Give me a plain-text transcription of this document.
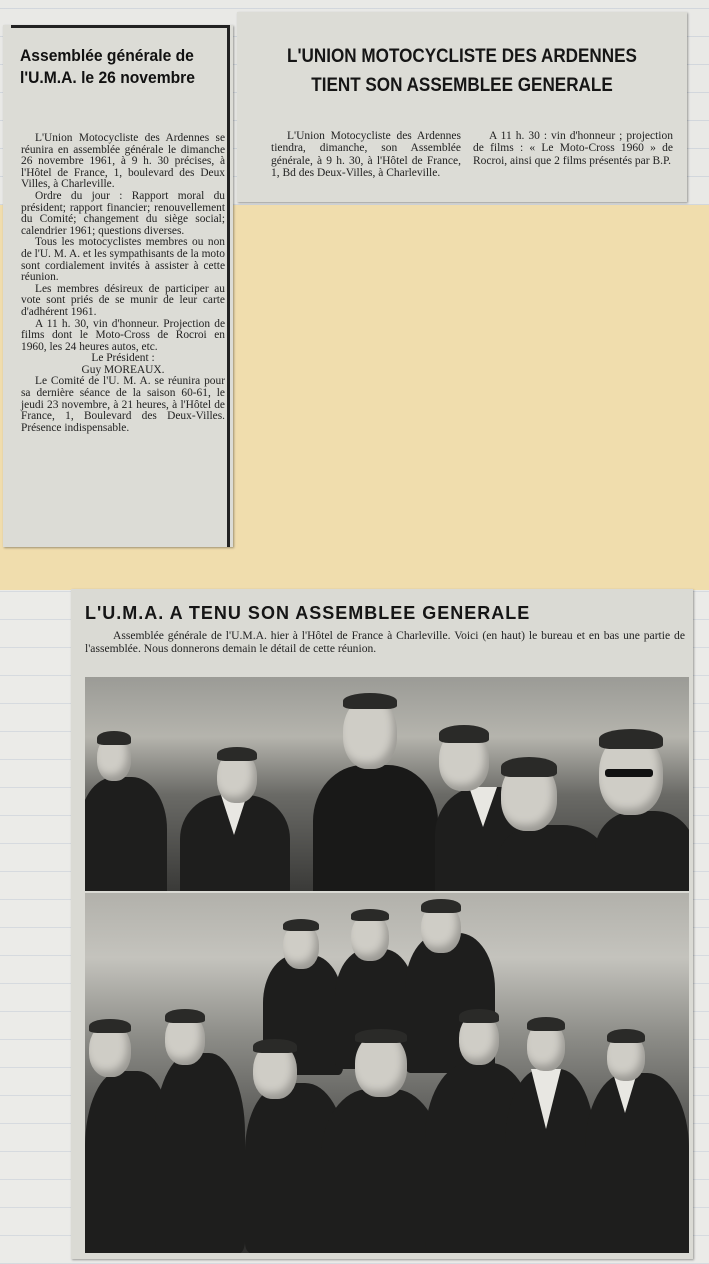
Assemblée générale de l'U.M.A. le 26 novembre

L'Union Motocycliste des Ardennes se réunira en assemblée générale le dimanche 26 novembre 1961, à 9 h. 30 précises, à l'Hôtel de France, 1, boulevard des Deux Villes, à Charleville.

Ordre du jour : Rapport moral du président; rapport financier; renouvellement du Comité; changement du siège social; calendrier 1961; questions diverses.

Tous les motocyclistes membres ou non de l'U. M. A. et les sympathisants de la moto sont cordialement invités à assister à cette réunion.

Les membres désireux de participer au vote sont priés de se munir de leur carte d'adhérent 1961.

A 11 h. 30, vin d'honneur. Projection de films dont le Moto-Cross de Rocroi en 1960, les 24 heures autos, etc.

Le Président :

Guy MOREAUX.

Le Comité de l'U. M. A. se réunira pour sa dernière séance de la saison 60-61, le jeudi 23 novembre, à 21 heures, à l'Hôtel de France, 1, Boulevard des Deux-Villes. Présence indispensable.

L'UNION MOTOCYCLISTE DES ARDENNES
TIENT SON ASSEMBLEE GENERALE
L'Union Motocycliste des Ardennes tiendra, dimanche, son Assemblée générale, à 9 h. 30, à l'Hôtel de France, 1, Bd des Deux-Villes, à Charleville.
A 11 h. 30 : vin d'honneur ; projection de films : « Le Moto-Cross 1960 » de Rocroi, ainsi que 2 films présentés par B.P.
L'U.M.A. A TENU SON ASSEMBLEE GENERALE
Assemblée générale de l'U.M.A. hier à l'Hôtel de France à Charleville. Voici (en haut) le bureau et en bas une partie de l'assemblée. Nous donnerons demain le détail de cette réunion.
